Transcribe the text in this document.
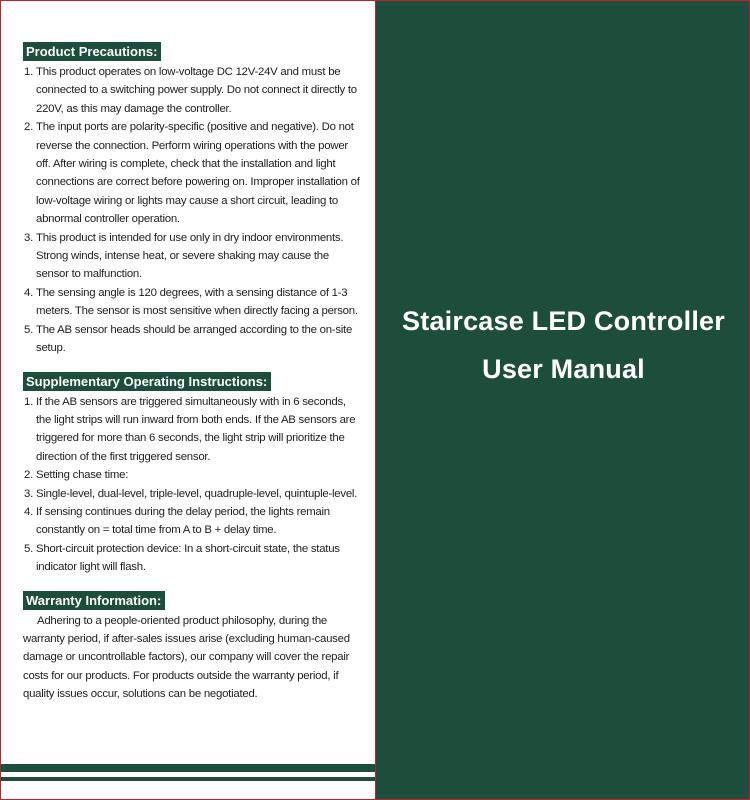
Product Precautions:
1. This product operates on low-voltage DC 12V-24V and must be connected to a switching power supply. Do not connect it directly to 220V, as this may damage the controller.
2. The input ports are polarity-specific (positive and negative). Do not reverse the connection. Perform wiring operations with the power off. After wiring is complete, check that the installation and light connections are correct before powering on. Improper installation of low-voltage wiring or lights may cause a short circuit, leading to abnormal controller operation.
3. This product is intended for use only in dry indoor environments. Strong winds, intense heat, or severe shaking may cause the sensor to malfunction.
4. The sensing angle is 120 degrees, with a sensing distance of 1-3 meters. The sensor is most sensitive when directly facing a person.
5. The AB sensor heads should be arranged according to the on-site setup.
Supplementary Operating Instructions:
1. If the AB sensors are triggered simultaneously with in 6 seconds, the light strips will run inward from both ends. If the AB sensors are triggered for more than 6 seconds, the light strip will prioritize the direction of the first triggered sensor.
2. Setting chase time:
3. Single-level, dual-level, triple-level, quadruple-level, quintuple-level.
4. If sensing continues during the delay period, the lights remain constantly on = total time from A to B + delay time.
5. Short-circuit protection device: In a short-circuit state, the status indicator light will flash.
Warranty Information:

Adhering to a people-oriented product philosophy, during the warranty period, if after-sales issues arise (excluding human-caused damage or uncontrollable factors), our company will cover the repair costs for our products. For products outside the warranty period, if quality issues occur, solutions can be negotiated.

Staircase LED Controller
User Manual
